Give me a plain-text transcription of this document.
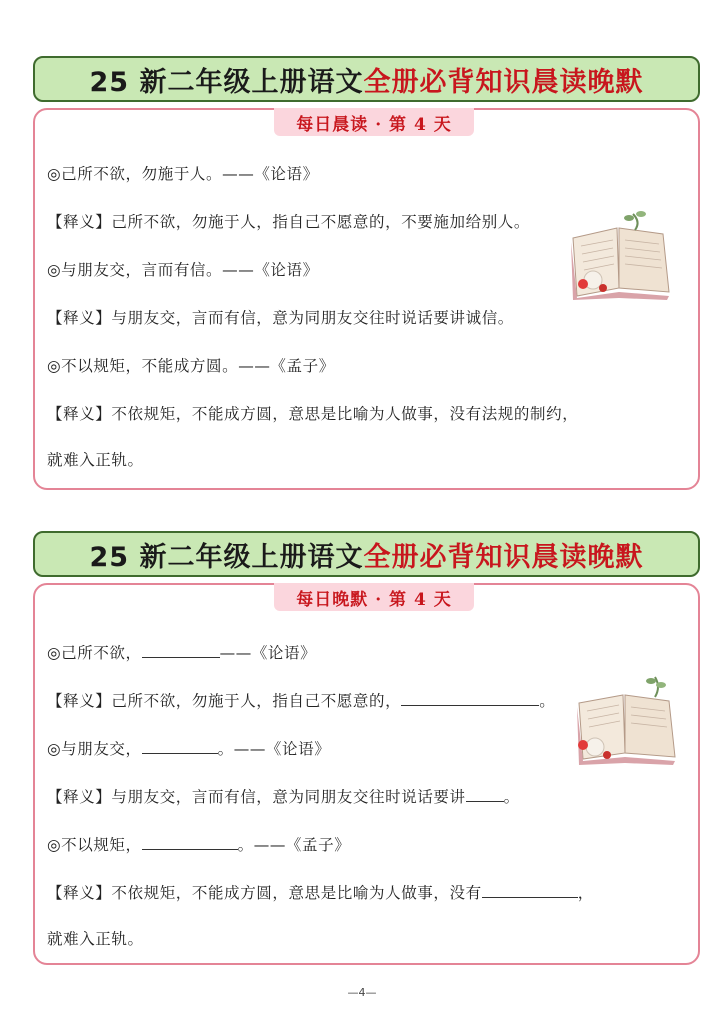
25 新二年级上册语文 全册必背知识晨读晚默
每日晨读 · 第 4 天
◎己所不欲，勿施于人。——《论语》
【释义】己所不欲，勿施于人，指自己不愿意的，不要施加给别人。
◎与朋友交，言而有信。——《论语》
【释义】与朋友交，言而有信，意为同朋友交往时说话要讲诚信。
◎不以规矩，不能成方圆。——《孟子》
【释义】不依规矩，不能成方圆，意思是比喻为人做事，没有法规的制约，
就难入正轨。
25 新二年级上册语文 全册必背知识晨读晚默
每日晚默 · 第 4 天
◎己所不欲，	——《论语》
【释义】己所不欲，勿施于人，指自己不愿意的，	。
◎与朋友交，	。——《论语》
【释义】与朋友交，言而有信，意为同朋友交往时说话要讲 。
◎不以规矩，	。——《孟子》
【释义】不依规矩，不能成方圆，意思是比喻为人做事，没有	，
就难入正轨。
—4—
